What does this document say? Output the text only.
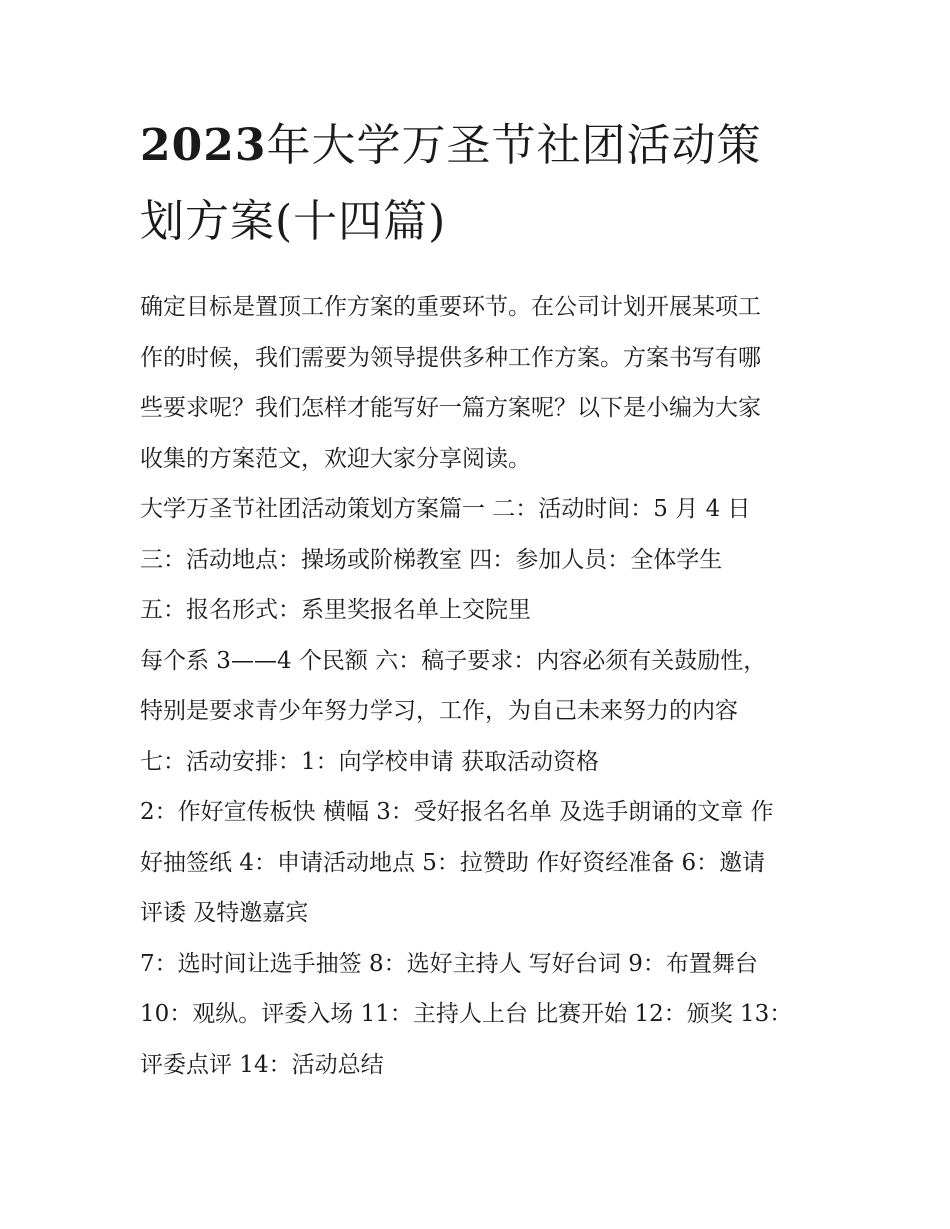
2023年大学万圣节社团活动策
划方案(十四篇)
确定目标是置顶工作方案的重要环节。在公司计划开展某项工
作的时候，我们需要为领导提供多种工作方案。方案书写有哪
些要求呢？我们怎样才能写好一篇方案呢？以下是小编为大家
收集的方案范文，欢迎大家分享阅读。
大学万圣节社团活动策划方案篇一 二：活动时间：5 月 4 日
三：活动地点：操场或阶梯教室 四：参加人员：全体学生
五：报名形式：系里奖报名单上交院里
每个系 3——4 个民额 六：稿子要求：内容必须有关鼓励性，
特别是要求青少年努力学习，工作，为自己未来努力的内容
七：活动安排：1：向学校申请 获取活动资格
2：作好宣传板快 横幅 3：受好报名名单 及选手朗诵的文章 作
好抽签纸 4：申请活动地点 5：拉赞助 作好资经准备 6：邀请
评诿 及特邀嘉宾
7：选时间让选手抽签 8：选好主持人 写好台词 9：布置舞台
10：观纵。评委入场 11：主持人上台 比赛开始 12：颁奖 13：
评委点评 14：活动总结
